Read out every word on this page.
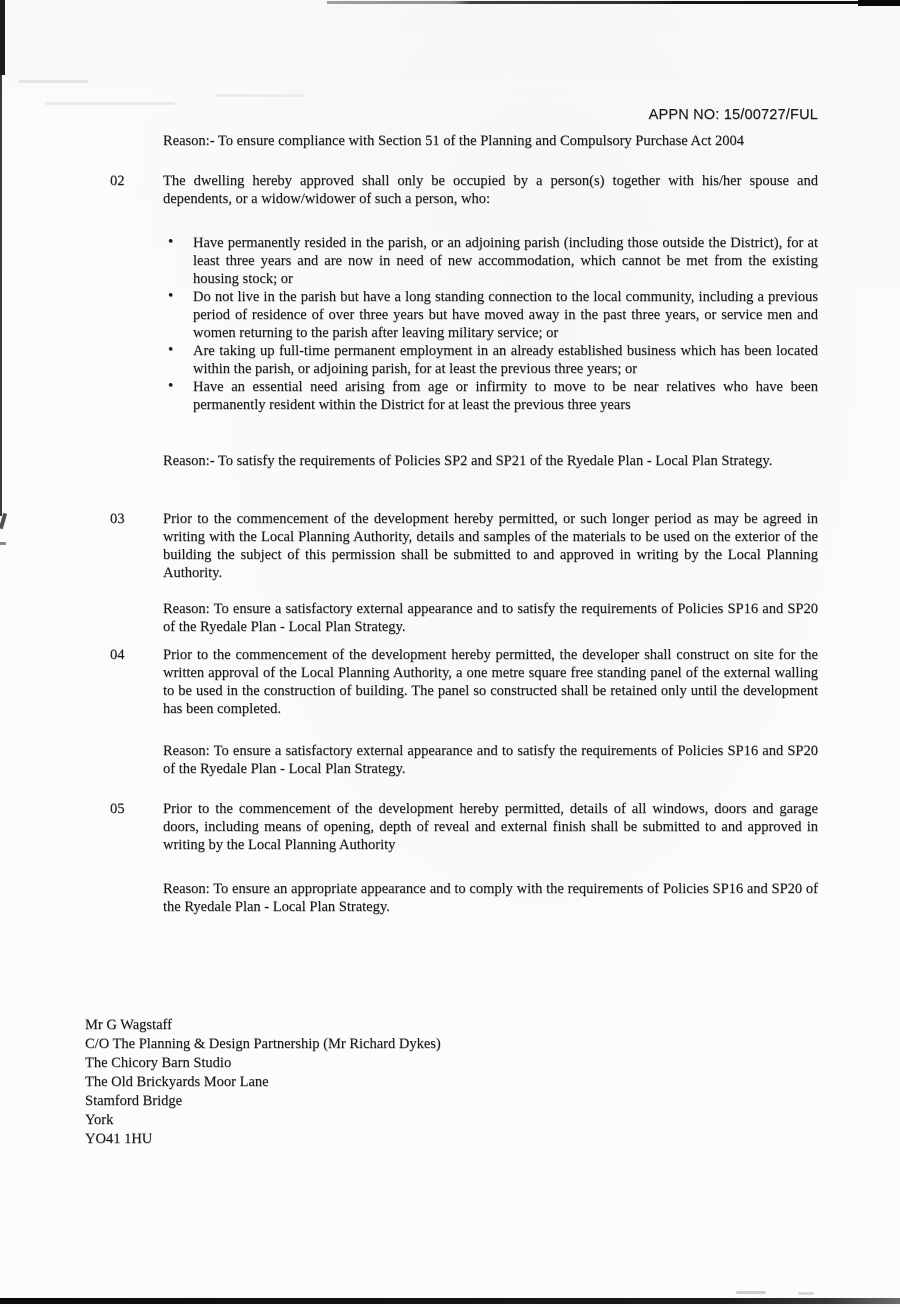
APPN NO: 15/00727/FUL

Reason:- To ensure compliance with Section 51 of the Planning and Compulsory Purchase Act 2004

02	The dwelling hereby approved shall only be occupied by a person(s) together with his/her spouse and dependents, or a widow/widower of such a person, who:

• Have permanently resided in the parish, or an adjoining parish (including those outside the District), for at least three years and are now in need of new accommodation, which cannot be met from the existing housing stock; or
• Do not live in the parish but have a long standing connection to the local community, including a previous period of residence of over three years but have moved away in the past three years, or service men and women returning to the parish after leaving military service; or
• Are taking up full-time permanent employment in an already established business which has been located within the parish, or adjoining parish, for at least the previous three years; or
• Have an essential need arising from age or infirmity to move to be near relatives who have been permanently resident within the District for at least the previous three years

Reason:- To satisfy the requirements of Policies SP2 and SP21 of the Ryedale Plan - Local Plan Strategy.

03	Prior to the commencement of the development hereby permitted, or such longer period as may be agreed in writing with the Local Planning Authority, details and samples of the materials to be used on the exterior of the building the subject of this permission shall be submitted to and approved in writing by the Local Planning Authority.

Reason: To ensure a satisfactory external appearance and to satisfy the requirements of Policies SP16 and SP20 of the Ryedale Plan - Local Plan Strategy.

04	Prior to the commencement of the development hereby permitted, the developer shall construct on site for the written approval of the Local Planning Authority, a one metre square free standing panel of the external walling to be used in the construction of building. The panel so constructed shall be retained only until the development has been completed.

Reason: To ensure a satisfactory external appearance and to satisfy the requirements of Policies SP16 and SP20 of the Ryedale Plan - Local Plan Strategy.

05	Prior to the commencement of the development hereby permitted, details of all windows, doors and garage doors, including means of opening, depth of reveal and external finish shall be submitted to and approved in writing by the Local Planning Authority

Reason: To ensure an appropriate appearance and to comply with the requirements of Policies SP16 and SP20 of the Ryedale Plan - Local Plan Strategy.

Mr G Wagstaff
C/O The Planning & Design Partnership (Mr Richard Dykes)
The Chicory Barn Studio
The Old Brickyards Moor Lane
Stamford Bridge
York
YO41 1HU
